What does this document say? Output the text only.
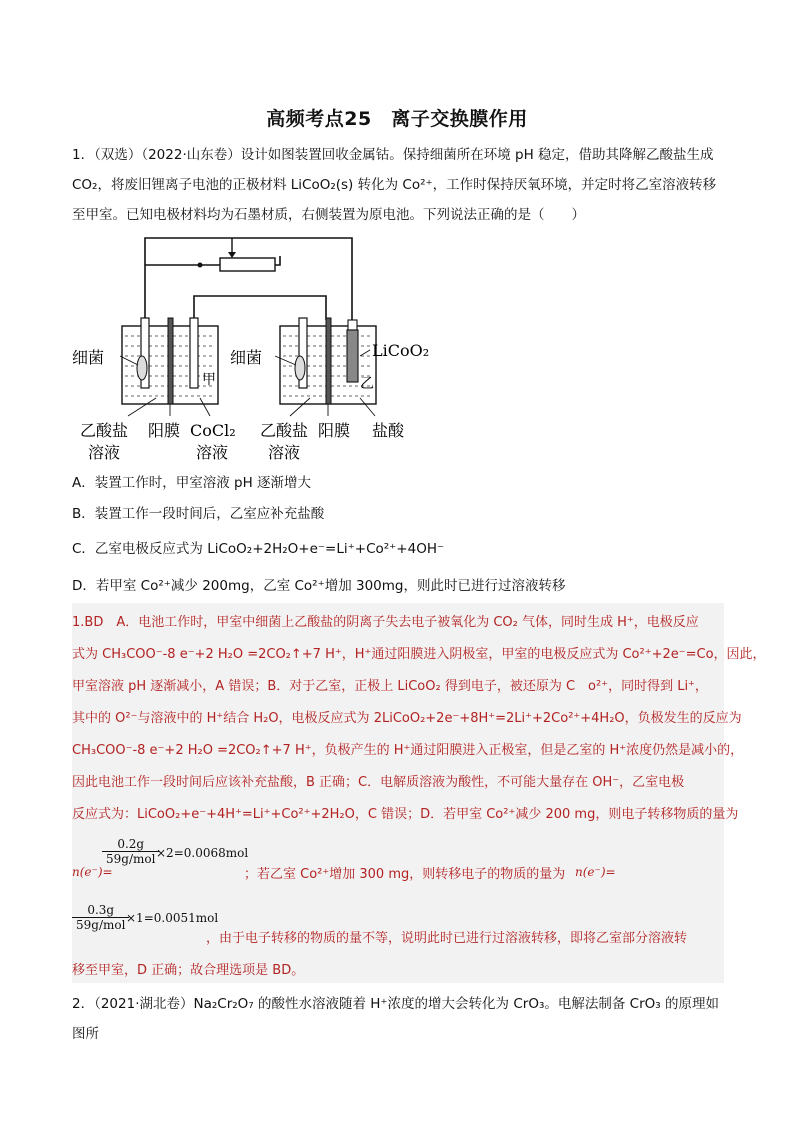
高频考点25　离子交换膜作用
1．（双选）（2022·山东卷）设计如图装置回收金属钴。保持细菌所在环境 pH 稳定，借助其降解乙酸盐生成
CO₂，将废旧锂离子电池的正极材料 LiCoO₂(s) 转化为 Co²⁺，工作时保持厌氧环境，并定时将乙室溶液转移
至甲室。已知电极材料均为石墨材质，右侧装置为原电池。下列说法正确的是（　　）
细菌	细菌
甲	乙
LiCoO₂
乙酸盐
溶液
阳膜 CoCl₂
溶液
乙酸盐
溶液
阳膜 盐酸
A．装置工作时，甲室溶液 pH 逐渐增大
B．装置工作一段时间后，乙室应补充盐酸
C．乙室电极反应式为 LiCoO₂+2H₂O+e⁻=Li⁺+Co²⁺+4OH⁻
D．若甲室 Co²⁺减少 200mg，乙室 Co²⁺增加 300mg，则此时已进行过溶液转移
1.BD　A．电池工作时，甲室中细菌上乙酸盐的阴离子失去电子被氧化为 CO₂ 气体，同时生成 H⁺，电极反应
式为 CH₃COO⁻-8 e⁻+2 H₂O =2CO₂↑+7 H⁺，H⁺通过阳膜进入阴极室，甲室的电极反应式为 Co²⁺+2e⁻=Co，因此，
甲室溶液 pH 逐渐减小，A 错误；B．对于乙室，正极上 LiCoO₂ 得到电子，被还原为 C　o²⁺，同时得到 Li⁺，
其中的 O²⁻与溶液中的 H⁺结合 H₂O，电极反应式为 2LiCoO₂+2e⁻+8H⁺=2Li⁺+2Co²⁺+4H₂O，负极发生的反应为
CH₃COO⁻-8 e⁻+2 H₂O =2CO₂↑+7 H⁺，负极产生的 H⁺通过阳膜进入正极室，但是乙室的 H⁺浓度仍然是减小的，
因此电池工作一段时间后应该补充盐酸，B 正确；C．电解质溶液为酸性，不可能大量存在 OH⁻，乙室电极
反应式为：LiCoO₂+e⁻+4H⁺=Li⁺+Co²⁺+2H₂O，C 错误；D．若甲室 Co²⁺减少 200 mg，则电子转移物质的量为
0.2g
59g/mol ×2=0.0068mol
n(e⁻)=	；若乙室 Co²⁺增加 300 mg，则转移电子的物质的量为 n(e⁻)=
0.3g
59g/mol ×1=0.0051mol
，由于电子转移的物质的量不等，说明此时已进行过溶液转移，即将乙室部分溶液转
移至甲室，D 正确；故合理选项是 BD。
2．（2021·湖北卷）Na₂Cr₂O₇ 的酸性水溶液随着 H⁺浓度的增大会转化为 CrO₃。电解法制备 CrO₃ 的原理如图所
